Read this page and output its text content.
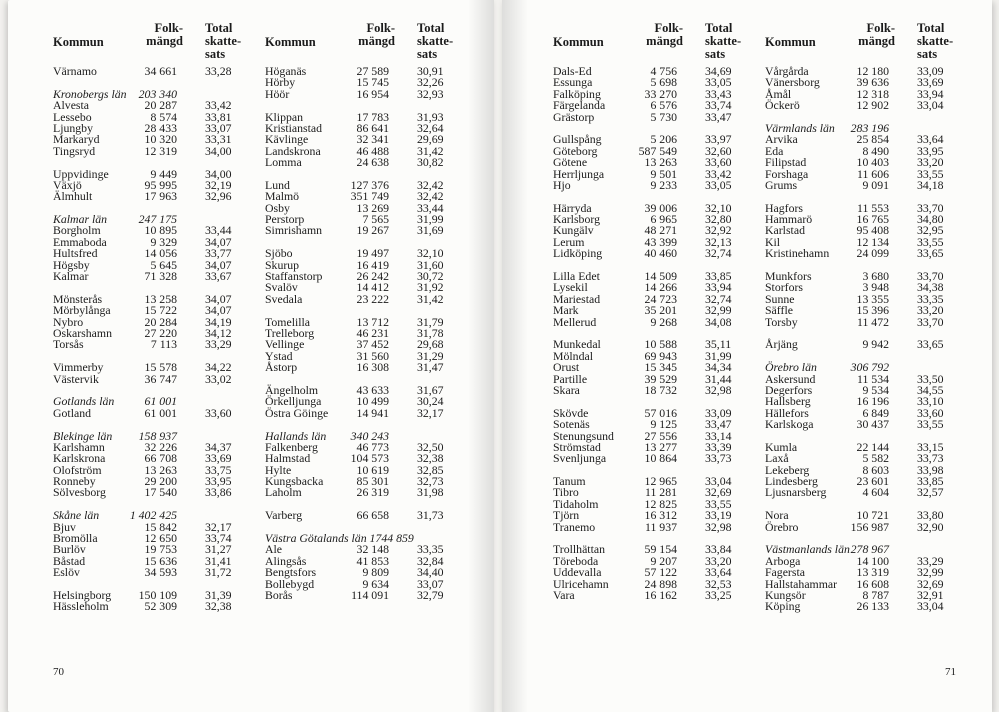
Kommun
Folk-
mängd
Total
skatte-
sats
Värnamo	34 661 33,28
Kronobergs län 203 340
Alvesta	20 287 33,42
Lessebo	8 574 33,81
Ljungby	28 433 33,07
Markaryd	10 320 33,31
Tingsryd	12 319 34,00
Uppvidinge	9 449 34,00
Växjö	95 995 32,19
Älmhult	17 963 32,96
Kalmar län	247 175
Borgholm	10 895 33,44
Emmaboda	9 329 34,07
Hultsfred	14 056 33,77
Högsby	5 645 34,07
Kalmar	71 328 33,67
Mönsterås	13 258 34,07
Mörbylånga	15 722 34,07
Nybro	20 284 34,19
Oskarshamn	27 220 34,12
Torsås	7 113 33,29
Vimmerby	15 578 34,22
Västervik	36 747 33,02
Gotlands län	61 001
Gotland	61 001 33,60
Blekinge län 158 937
Karlshamn	32 226 34,37
Karlskrona	66 708 33,69
Olofström	13 263 33,75
Ronneby	29 200 33,95
Sölvesborg	17 540 33,86
Skåne län	1 402 425
Bjuv	15 842 32,17
Bromölla	12 650 33,74
Burlöv	19 753 31,27
Båstad	15 636 31,41
Eslöv	34 593 31,72
Helsingborg 150 109 31,39
Hässleholm	52 309 32,38
Kommun
Folk-
mängd
Total
skatte-
sats
Höganäs	27 589 30,91
Hörby	15 745 32,26
Höör	16 954 32,93
Klippan	17 783 31,93
Kristianstad	86 641 32,64
Kävlinge	32 341 29,69
Landskrona	46 488 31,42
Lomma	24 638 30,82
Lund	127 376 32,42
Malmö	351 749 32,42
Osby	13 269 33,44
Perstorp	7 565 31,99
Simrishamn	19 267 31,69
Sjöbo	19 497 32,10
Skurup	16 419 31,60
Staffanstorp	26 242 30,72
Svalöv	14 412 31,92
Svedala	23 222 31,42
Tomelilla	13 712 31,79
Trelleborg	46 231 31,78
Vellinge	37 452 29,68
Ystad	31 560 31,29
Åstorp	16 308 31,47
Ängelholm	43 633 31,67
Örkelljunga	10 499 30,24
Östra Göinge 14 941 32,17
Hallands län 340 243
Falkenberg	46 773 32,50
Halmstad	104 573 32,38
Hylte	10 619 32,85
Kungsbacka	85 301 32,73
Laholm	26 319 31,98
Varberg	66 658 31,73
Västra Götalands län 1744 859
Ale	32 148 33,35
Alingsås	41 853 32,84
Bengtsfors	9 809 34,40
Bollebygd	9 634 33,07
Borås	114 091 32,79
70
Kommun
Folk-
mängd
Total
skatte-
sats
Dals-Ed	4 756 34,69
Essunga	5 698 33,05
Falköping	33 270 33,43
Färgelanda	6 576 33,74
Grästorp	5 730 33,47
Gullspång	5 206 33,97
Göteborg	587 549 32,60
Götene	13 263 33,60
Herrljunga	9 501 33,42
Hjo	9 233 33,05
Härryda	39 006 32,10
Karlsborg	6 965 32,80
Kungälv	48 271 32,92
Lerum	43 399 32,13
Lidköping	40 460 32,74
Lilla Edet	14 509 33,85
Lysekil	14 266 33,94
Mariestad	24 723 32,74
Mark	35 201 32,99
Mellerud	9 268 34,08
Munkedal	10 588 35,11
Mölndal	69 943 31,99
Orust	15 345 34,34
Partille	39 529 31,44
Skara	18 732 32,98
Skövde	57 016 33,09
Sotenäs	9 125 33,47
Stenungsund	27 556 33,14
Strömstad	13 277 33,39
Svenljunga	10 864 33,73
Tanum	12 965 33,04
Tibro	11 281 32,69
Tidaholm	12 825 33,55
Tjörn	16 312 33,19
Tranemo	11 937 32,98
Trollhättan	59 154 33,84
Töreboda	9 207 33,20
Uddevalla	57 122 33,64
Ulricehamn	24 898 32,53
Vara	16 162 33,25
Kommun
Folk-
mängd
Total
skatte-
sats
Vårgårda	12 180 33,09
Vänersborg	39 636 33,69
Åmål	12 318 33,94
Öckerö	12 902 33,04
Värmlands län 283 196
Arvika	25 854 33,64
Eda	8 490 33,95
Filipstad	10 403 33,20
Forshaga	11 606 33,55
Grums	9 091 34,18
Hagfors	11 553 33,70
Hammarö	16 765 34,80
Karlstad	95 408 32,95
Kil	12 134 33,55
Kristinehamn 24 099 33,65
Munkfors	3 680 33,70
Storfors	3 948 34,38
Sunne	13 355 33,35
Säffle	15 396 33,20
Torsby	11 472 33,70
Årjäng	9 942 33,65
Örebro län	306 792
Askersund	11 534 33,50
Degerfors	9 534 34,55
Hallsberg	16 196 33,10
Hällefors	6 849 33,60
Karlskoga	30 437 33,55
Kumla	22 144 33,15
Laxå	5 582 33,73
Lekeberg	8 603 33,98
Lindesberg	23 601 33,85
Ljusnarsberg	4 604 32,57
Nora	10 721 33,80
Örebro	156 987 32,90
Västmanlands län 278 967
Arboga	14 100 33,29
Fagersta	13 319 32,99
Hallstahammar 16 608 32,69
Kungsör	8 787 32,91
Köping	26 133 33,04
71
